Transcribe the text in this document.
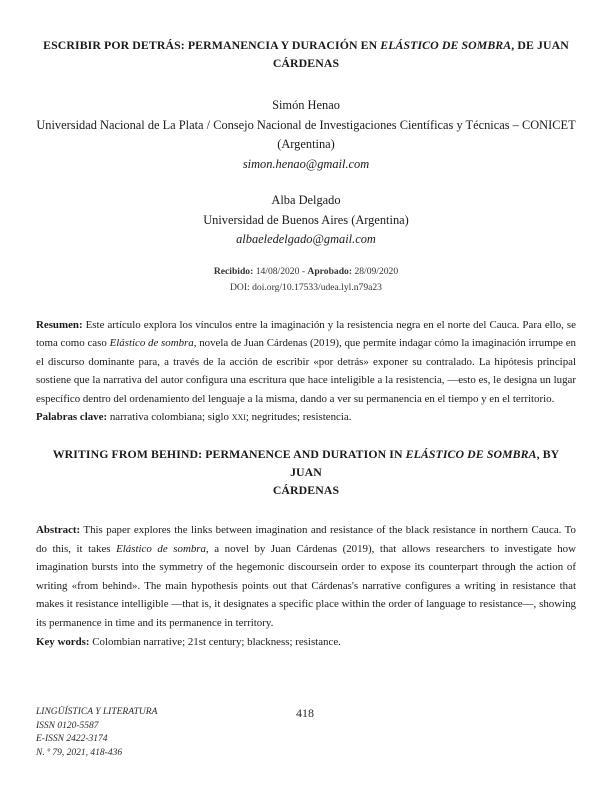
ESCRIBIR POR DETRÁS: PERMANENCIA Y DURACIÓN EN ELÁSTICO DE SOMBRA, DE JUAN
CÁRDENAS
Simón Henao
Universidad Nacional de La Plata / Consejo Nacional de Investigaciones Científicas y Técnicas – CONICET
(Argentina)
simon.henao@gmail.com
Alba Delgado
Universidad de Buenos Aires (Argentina)
albaeledelgado@gmail.com
Recibido: 14/08/2020 - Aprobado: 28/09/2020
DOI: doi.org/10.17533/udea.lyl.n79a23
Resumen: Este artículo explora los vínculos entre la imaginación y la resistencia negra en el norte del Cauca. Para ello, se toma como caso Elástico de sombra, novela de Juan Cárdenas (2019), que permite indagar cómo la imaginación irrumpe en el discurso dominante para, a través de la acción de escribir «por detrás» exponer su contralado. La hipótesis principal sostiene que la narrativa del autor configura una escritura que hace inteligible a la resistencia, —esto es, le designa un lugar específico dentro del ordenamiento del lenguaje a la misma, dando a ver su permanencia en el tiempo y en el territorio.
Palabras clave: narrativa colombiana; siglo xxi; negritudes; resistencia.
WRITING FROM BEHIND: PERMANENCE AND DURATION IN ELÁSTICO DE SOMBRA, BY JUAN
CÁRDENAS
Abstract: This paper explores the links between imagination and resistance of the black resistance in northern Cauca. To do this, it takes Elástico de sombra, a novel by Juan Cárdenas (2019), that allows researchers to investigate how imagination bursts into the symmetry of the hegemonic discoursein order to expose its counterpart through the action of writing «from behind». The main hypothesis points out that Cárdenas's narrative configures a writing in resistance that makes it resistance intelligible —that is, it designates a specific place within the order of language to resistance—, showing its permanence in time and its permanence in territory.
Key words: Colombian narrative; 21st century; blackness; resistance.
LINGÜÍSTICA Y LITERATURA
ISSN 0120-5587
E-ISSN 2422-3174
N. º 79, 2021, 418-436
418
